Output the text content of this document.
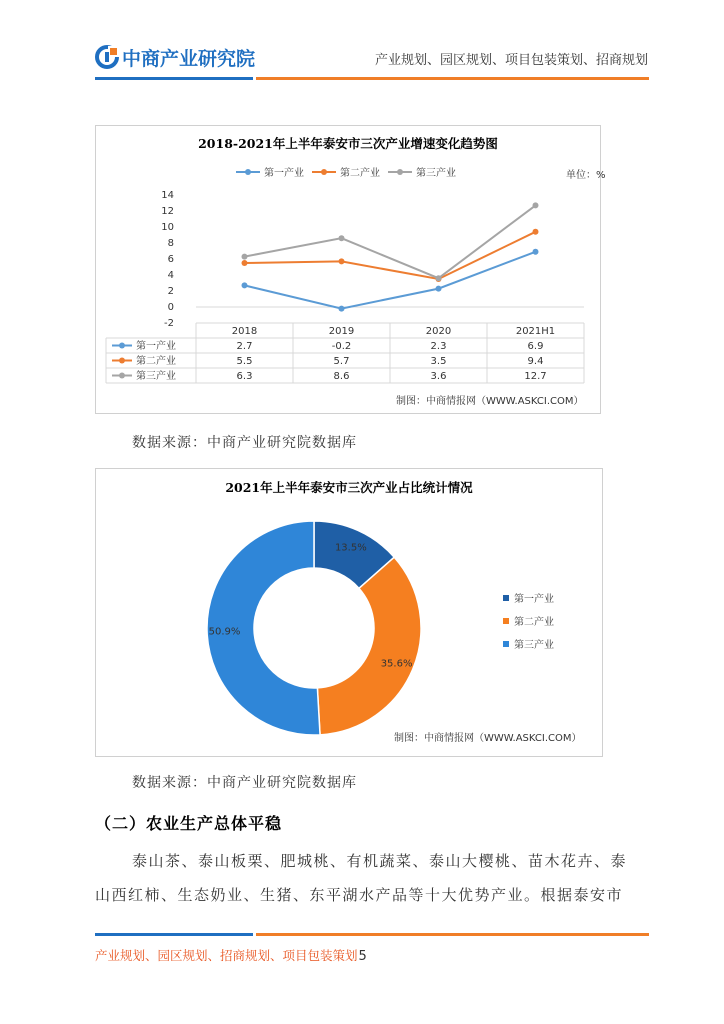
中商产业研究院	产业规划、园区规划、项目包装策划、招商规划
2018-2021年上半年泰安市三次产业增速变化趋势图
第一产业	第二产业	第三产业	单位：%
-2
0
2
4
6
8
10
12
14
2018	2019	2020	2021H1
第一产业	2.7	-0.2	2.3	6.9
第二产业	5.5	5.7	3.5	9.4
第三产业	6.3	8.6	3.6	12.7
制图：中商情报网（WWW.ASKCI.COM）
数据来源：中商产业研究院数据库
2021年上半年泰安市三次产业占比统计情况
13.5%
35.6%
50.9%
第一产业
第二产业
第三产业
制图：中商情报网（WWW.ASKCI.COM）
数据来源：中商产业研究院数据库
（二）农业生产总体平稳
泰山茶、泰山板栗、肥城桃、有机蔬菜、泰山大樱桃、苗木花卉、泰
山西红柿、生态奶业、生猪、东平湖水产品等十大优势产业。根据泰安市
产业规划、园区规划、招商规划、项目包装策划5
